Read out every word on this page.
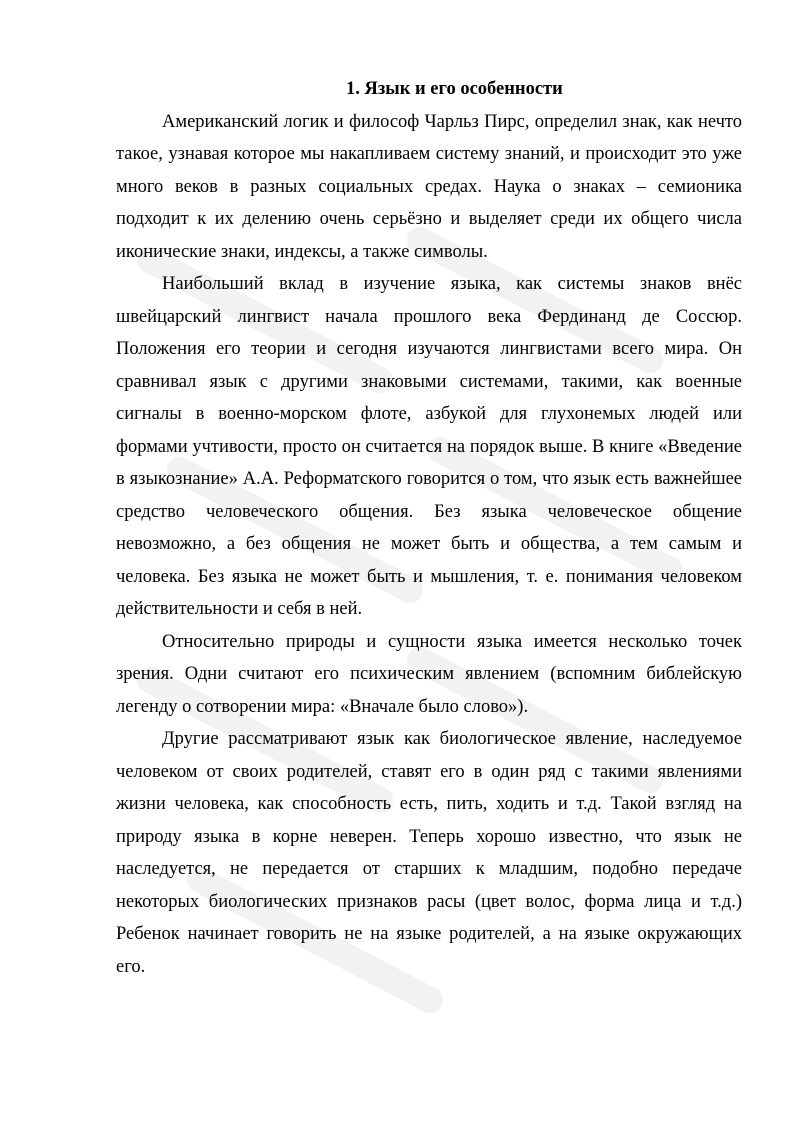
1. Язык и его особенности

Американский логик и философ Чарльз Пирс, определил знак, как нечто такое, узнавая которое мы накапливаем систему знаний, и происходит это уже много веков в разных социальных средах. Наука о знаках – семионика подходит к их делению очень серьёзно и выделяет среди их общего числа иконические знаки, индексы, а также символы.

Наибольший вклад в изучение языка, как системы знаков внёс швейцарский лингвист начала прошлого века Фердинанд де Соссюр. Положения его теории и сегодня изучаются лингвистами всего мира. Он сравнивал язык с другими знаковыми системами, такими, как военные сигналы в военно-морском флоте, азбукой для глухонемых людей или формами учтивости, просто он считается на порядок выше. В книге «Введение в языкознание» А.А. Реформатского говорится о том, что язык есть важнейшее средство человеческого общения. Без языка человеческое общение невозможно, а без общения не может быть и общества, а тем самым и человека. Без языка не может быть и мышления, т. е. понимания человеком действительности и себя в ней.

Относительно природы и сущности языка имеется несколько точек зрения. Одни считают его психическим явлением (вспомним библейскую легенду о сотворении мира: «Вначале было слово»).

Другие рассматривают язык как биологическое явление, наследуемое человеком от своих родителей, ставят его в один ряд с такими явлениями жизни человека, как способность есть, пить, ходить и т.д. Такой взгляд на природу языка в корне неверен. Теперь хорошо известно, что язык не наследуется, не передается от старших к младшим, подобно передаче некоторых биологических признаков расы (цвет волос, форма лица и т.д.) Ребенок начинает говорить не на языке родителей, а на языке окружающих его.
